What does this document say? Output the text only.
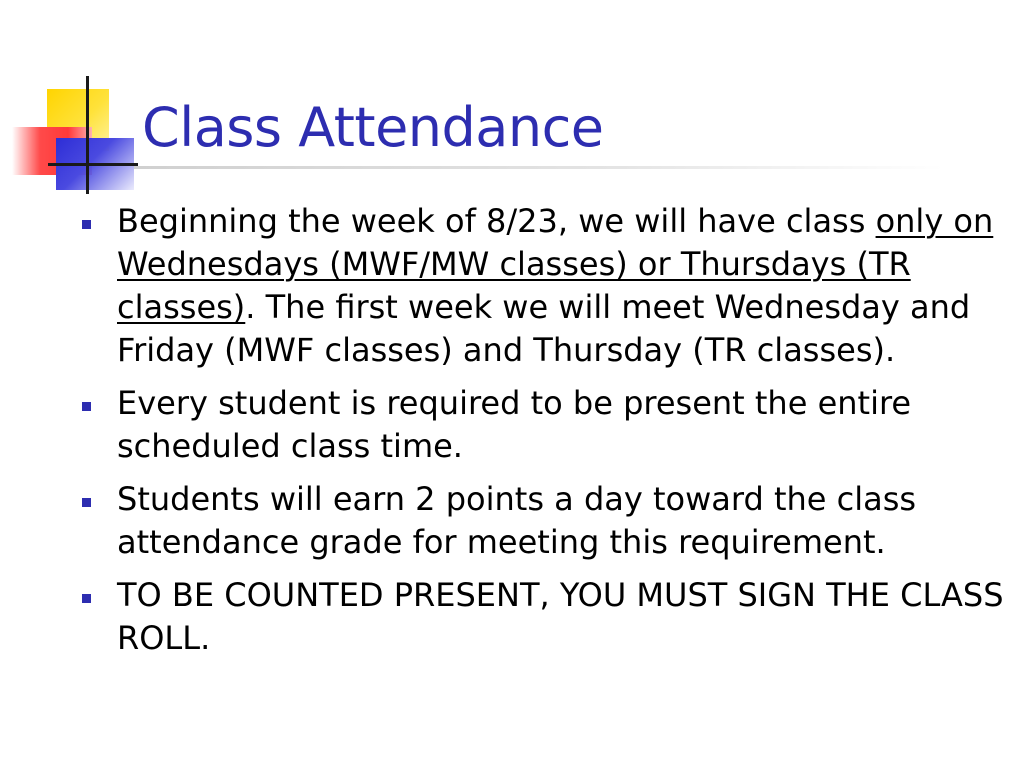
Class Attendance
Beginning the week of 8/23, we will have class only on Wednesdays (MWF/MW classes) or Thursdays (TR classes). The first week we will meet Wednesday and Friday (MWF classes) and Thursday (TR classes).
Every student is required to be present the entire scheduled class time.
Students will earn 2 points a day toward the class attendance grade for meeting this requirement.
TO BE COUNTED PRESENT, YOU MUST SIGN THE CLASS ROLL.
